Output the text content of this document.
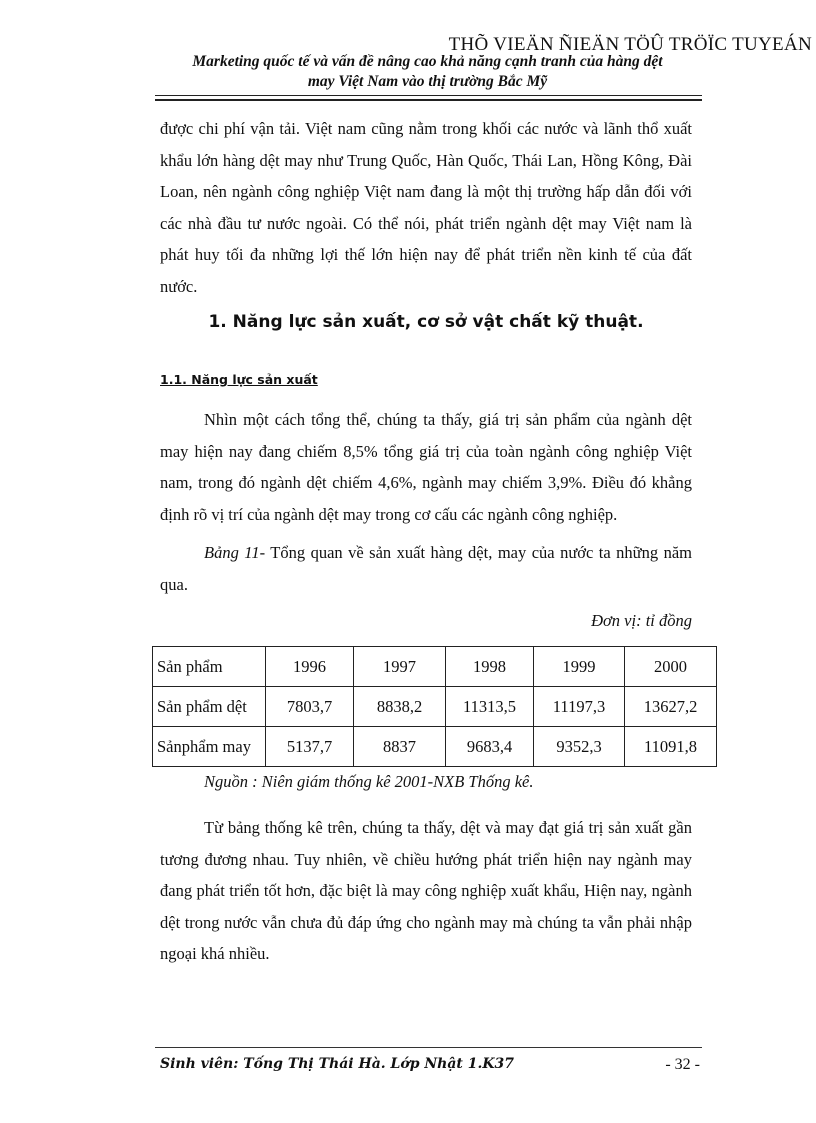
THÕ VIEÄN ÑIEÄN TÖÛ TRÖÏC TUYEÁN
Marketing quốc tế và vấn đề nâng cao khả năng cạnh tranh của hàng dệt
may Việt Nam vào thị trường Bắc Mỹ
được chi phí vận tải. Việt nam cũng nằm trong khối các nước và lãnh thổ xuất khẩu lớn hàng dệt may như Trung Quốc, Hàn Quốc, Thái Lan, Hồng Kông, Đài Loan, nên ngành công nghiệp Việt nam đang là một thị trường hấp dẫn đối với các nhà đầu tư nước ngoài. Có thể nói, phát triển ngành dệt may Việt nam là phát huy tối đa những lợi thế lớn hiện nay để phát triển nền kinh tế của đất nước.
1. Năng lực sản xuất, cơ sở vật chất kỹ thuật.
1.1. Năng lực sản xuất
Nhìn một cách tổng thể, chúng ta thấy, giá trị sản phẩm của ngành dệt may hiện nay đang chiếm 8,5% tổng giá trị của toàn ngành công nghiệp Việt nam, trong đó ngành dệt chiếm 4,6%, ngành may chiếm 3,9%. Điều đó khẳng định rõ vị trí của ngành dệt may trong cơ cấu các ngành công nghiệp.
Bảng 11- Tổng quan về sản xuất hàng dệt, may của nước ta những năm qua.
Đơn vị: tỉ đồng
Sản phẩm	1996	1997	1998	1999	2000
Sản phẩm dệt	7803,7	8838,2	11313,5	11197,3	13627,2
Sảnphẩm may	5137,7	8837	9683,4	9352,3	11091,8
Nguồn : Niên giám thống kê 2001-NXB Thống kê.
Từ bảng thống kê trên, chúng ta thấy, dệt và may đạt giá trị sản xuất gần tương đương nhau. Tuy nhiên, về chiều hướng phát triển hiện nay ngành may đang phát triển tốt hơn, đặc biệt là may công nghiệp xuất khẩu, Hiện nay, ngành dệt trong nước vẫn chưa đủ đáp ứng cho ngành may mà chúng ta vẫn phải nhập ngoại khá nhiều.
Sinh viên: Tống Thị Thái Hà. Lớp Nhật 1.K37	- 32 -
